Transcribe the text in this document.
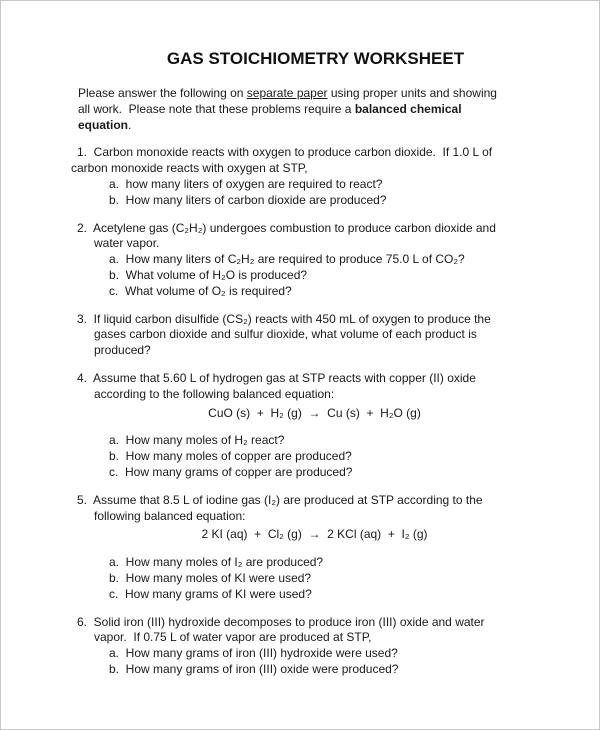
GAS STOICHIOMETRY WORKSHEET
Please answer the following on separate paper using proper units and showing
all work.  Please note that these problems require a balanced chemical
equation.
1.  Carbon monoxide reacts with oxygen to produce carbon dioxide.  If 1.0 L of
carbon monoxide reacts with oxygen at STP,
a.  how many liters of oxygen are required to react?
b.  How many liters of carbon dioxide are produced?
2.  Acetylene gas (C₂H₂) undergoes combustion to produce carbon dioxide and
water vapor.
a.  How many liters of C₂H₂ are required to produce 75.0 L of CO₂?
b.  What volume of H₂O is produced?
c.  What volume of O₂ is required?
3.  If liquid carbon disulfide (CS₂) reacts with 450 mL of oxygen to produce the
gases carbon dioxide and sulfur dioxide, what volume of each product is
produced?
4.  Assume that 5.60 L of hydrogen gas at STP reacts with copper (II) oxide
according to the following balanced equation:
CuO (s)  +  H₂ (g)  →  Cu (s)  +  H₂O (g)
a.  How many moles of H₂ react?
b.  How many moles of copper are produced?
c.  How many grams of copper are produced?
5.  Assume that 8.5 L of iodine gas (I₂) are produced at STP according to the
following balanced equation:
2 KI (aq)  +  Cl₂ (g)  →  2 KCl (aq)  +  I₂ (g)
a.  How many moles of I₂ are produced?
b.  How many moles of KI were used?
c.  How many grams of KI were used?
6.  Solid iron (III) hydroxide decomposes to produce iron (III) oxide and water
vapor.  If 0.75 L of water vapor are produced at STP,
a.  How many grams of iron (III) hydroxide were used?
b.  How many grams of iron (III) oxide were produced?
